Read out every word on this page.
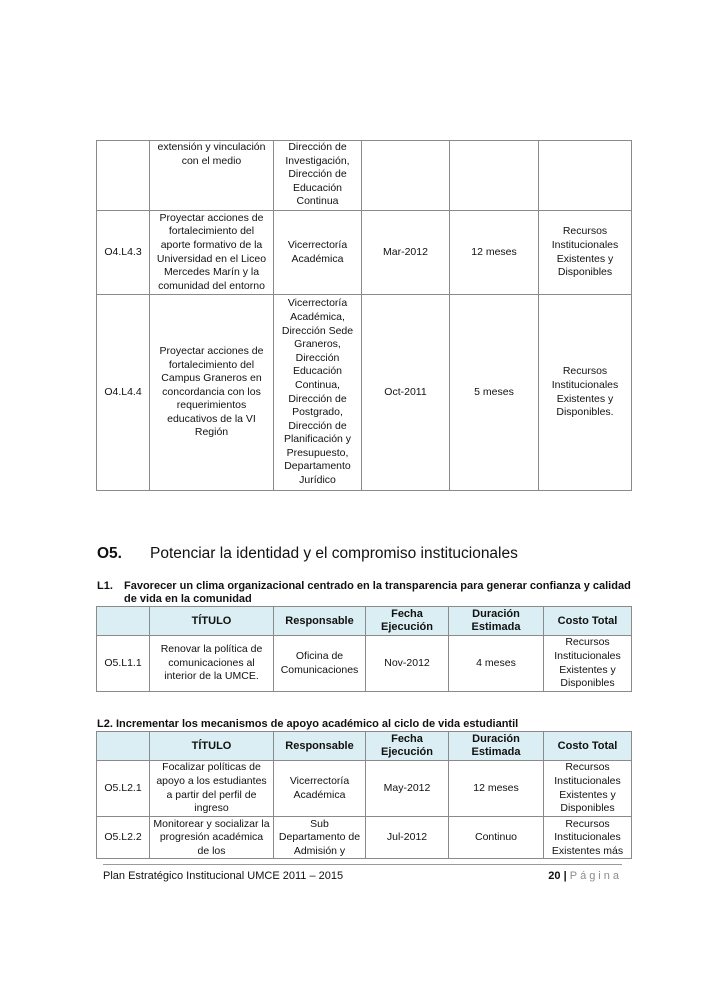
	extensión y vinculación con el medio	Dirección de Investigación, Dirección de Educación Continua			
O4.L4.3	Proyectar acciones de fortalecimiento del aporte formativo de la Universidad en el Liceo Mercedes Marín y la comunidad del entorno	Vicerrectoría Académica	Mar-2012	12 meses	Recursos Institucionales Existentes y Disponibles
O4.L4.4	Proyectar acciones de fortalecimiento del Campus Graneros en concordancia con los requerimientos educativos de la VI Región	Vicerrectoría Académica, Dirección Sede Graneros, Dirección Educación Continua, Dirección de Postgrado, Dirección de Planificación y Presupuesto, Departamento Jurídico	Oct-2011	5 meses	Recursos Institucionales Existentes y Disponibles.
O5. Potenciar la identidad y el compromiso institucionales
L1.	Favorecer un clima organizacional centrado en la transparencia para generar confianza y calidad de vida en la comunidad
	TÍTULO	Responsable	Fecha Ejecución	Duración Estimada	Costo Total
O5.L1.1	Renovar la política de comunicaciones al interior de la UMCE.	Oficina de Comunicaciones	Nov-2012	4 meses	Recursos Institucionales Existentes y Disponibles
L2. Incrementar los mecanismos de apoyo académico al ciclo de vida estudiantil
	TÍTULO	Responsable	Fecha Ejecución	Duración Estimada	Costo Total
O5.L2.1	Focalizar políticas de apoyo a los estudiantes a partir del perfil de ingreso	Vicerrectoría Académica	May-2012	12 meses	Recursos Institucionales Existentes y Disponibles
O5.L2.2	Monitorear y socializar la progresión académica de los	Sub Departamento de Admisión y	Jul-2012	Continuo	Recursos Institucionales Existentes más
Plan Estratégico Institucional UMCE 2011 – 2015	20 | Página
